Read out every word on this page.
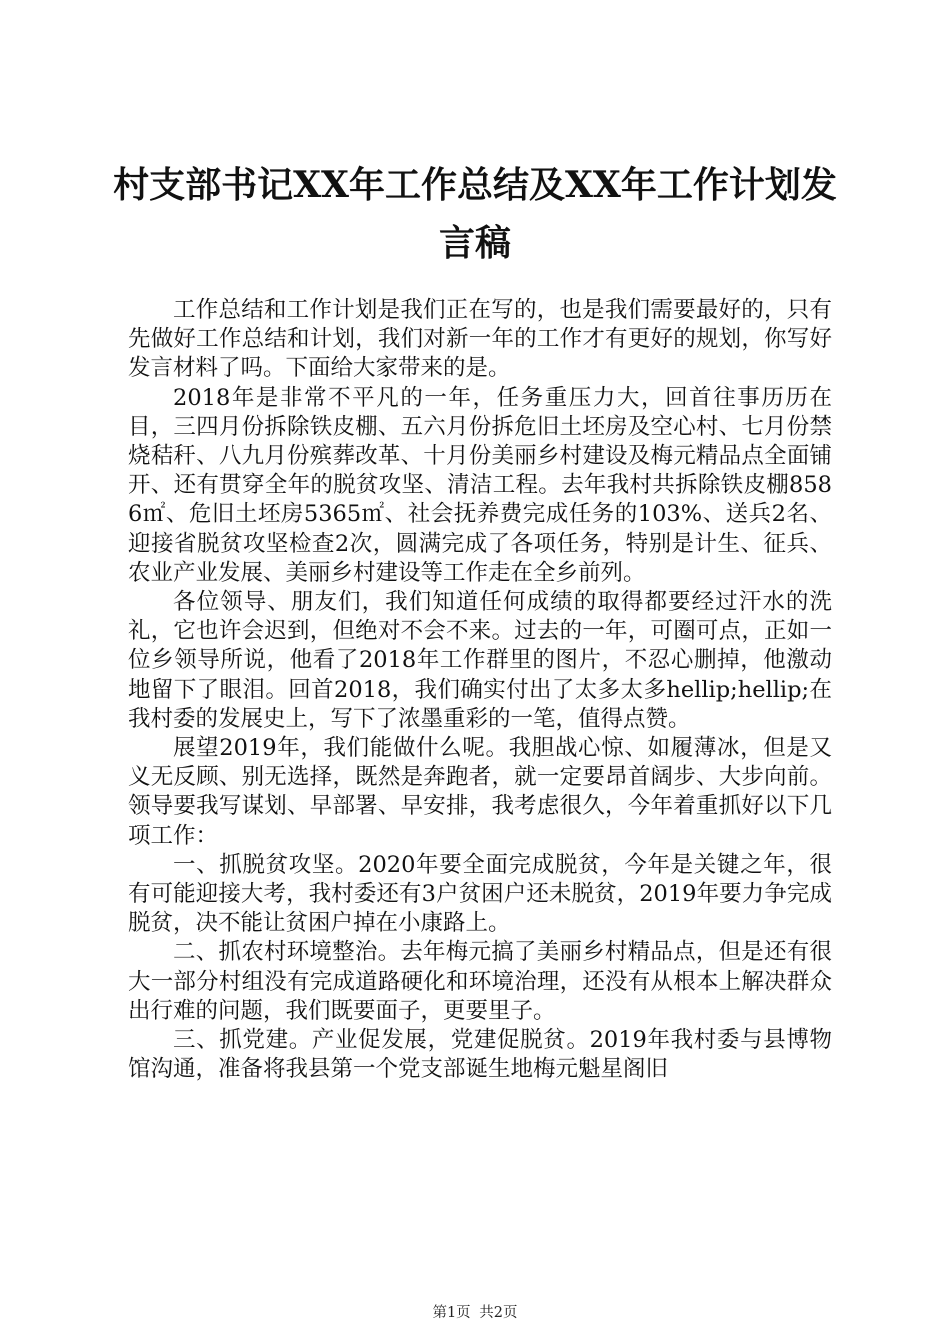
村支部书记XX年工作总结及XX年工作计划发言稿

工作总结和工作计划是我们正在写的，也是我们需要最好的，只有先做好工作总结和计划，我们对新一年的工作才有更好的规划，你写好发言材料了吗。下面给大家带来的是。

2018年是非常不平凡的一年，任务重压力大，回首往事历历在目，三四月份拆除铁皮棚、五六月份拆危旧土坯房及空心村、七月份禁烧秸秆、八九月份殡葬改革、十月份美丽乡村建设及梅元精品点全面铺开、还有贯穿全年的脱贫攻坚、清洁工程。去年我村共拆除铁皮棚8586㎡、危旧土坯房5365㎡、社会抚养费完成任务的103%、送兵2名、迎接省脱贫攻坚检查2次，圆满完成了各项任务，特别是计生、征兵、农业产业发展、美丽乡村建设等工作走在全乡前列。

各位领导、朋友们，我们知道任何成绩的取得都要经过汗水的洗礼，它也许会迟到，但绝对不会不来。过去的一年，可圈可点，正如一位乡领导所说，他看了2018年工作群里的图片，不忍心删掉，他激动地留下了眼泪。回首2018，我们确实付出了太多太多hellip;hellip;在我村委的发展史上，写下了浓墨重彩的一笔，值得点赞。

展望2019年，我们能做什么呢。我胆战心惊、如履薄冰，但是又义无反顾、别无选择，既然是奔跑者，就一定要昂首阔步、大步向前。领导要我写谋划、早部署、早安排，我考虑很久，今年着重抓好以下几项工作：

一、抓脱贫攻坚。2020年要全面完成脱贫，今年是关键之年，很有可能迎接大考，我村委还有3户贫困户还未脱贫，2019年要力争完成脱贫，决不能让贫困户掉在小康路上。

二、抓农村环境整治。去年梅元搞了美丽乡村精品点，但是还有很大一部分村组没有完成道路硬化和环境治理，还没有从根本上解决群众出行难的问题，我们既要面子，更要里子。

三、抓党建。产业促发展，党建促脱贫。2019年我村委与县博物馆沟通，准备将我县第一个党支部诞生地梅元魁星阁旧

第1页 共2页
